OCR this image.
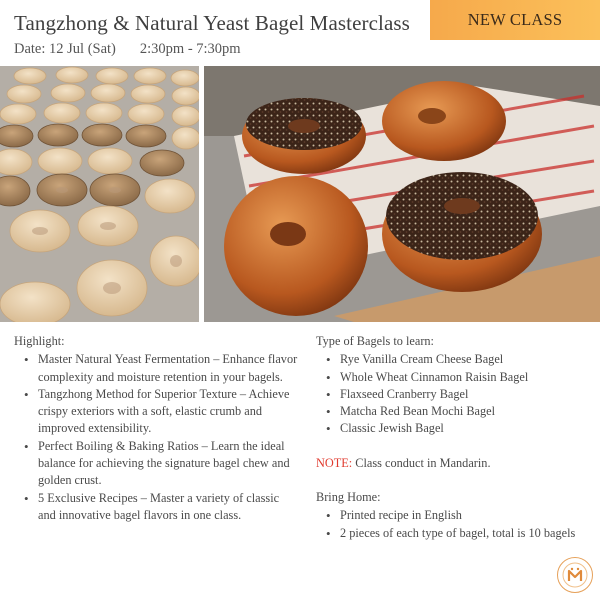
Tangzhong & Natural Yeast Bagel Masterclass
Date: 12 Jul (Sat) 2:30pm - 7:30pm
NEW CLASS
Highlight:
• Master Natural Yeast Fermentation – Enhance flavor complexity and moisture retention in your bagels.
• Tangzhong Method for Superior Texture – Achieve crispy exteriors with a soft, elastic crumb and improved extensibility.
• Perfect Boiling & Baking Ratios – Learn the ideal balance for achieving the signature bagel chew and golden crust.
• 5 Exclusive Recipes – Master a variety of classic and innovative bagel flavors in one class.
Type of Bagels to learn:
• Rye Vanilla Cream Cheese Bagel
• Whole Wheat Cinnamon Raisin Bagel
• Flaxseed Cranberry Bagel
• Matcha Red Bean Mochi Bagel
• Classic Jewish Bagel
NOTE: Class conduct in Mandarin.
Bring Home:
• Printed recipe in English
• 2 pieces of each type of bagel, total is 10 bagels
